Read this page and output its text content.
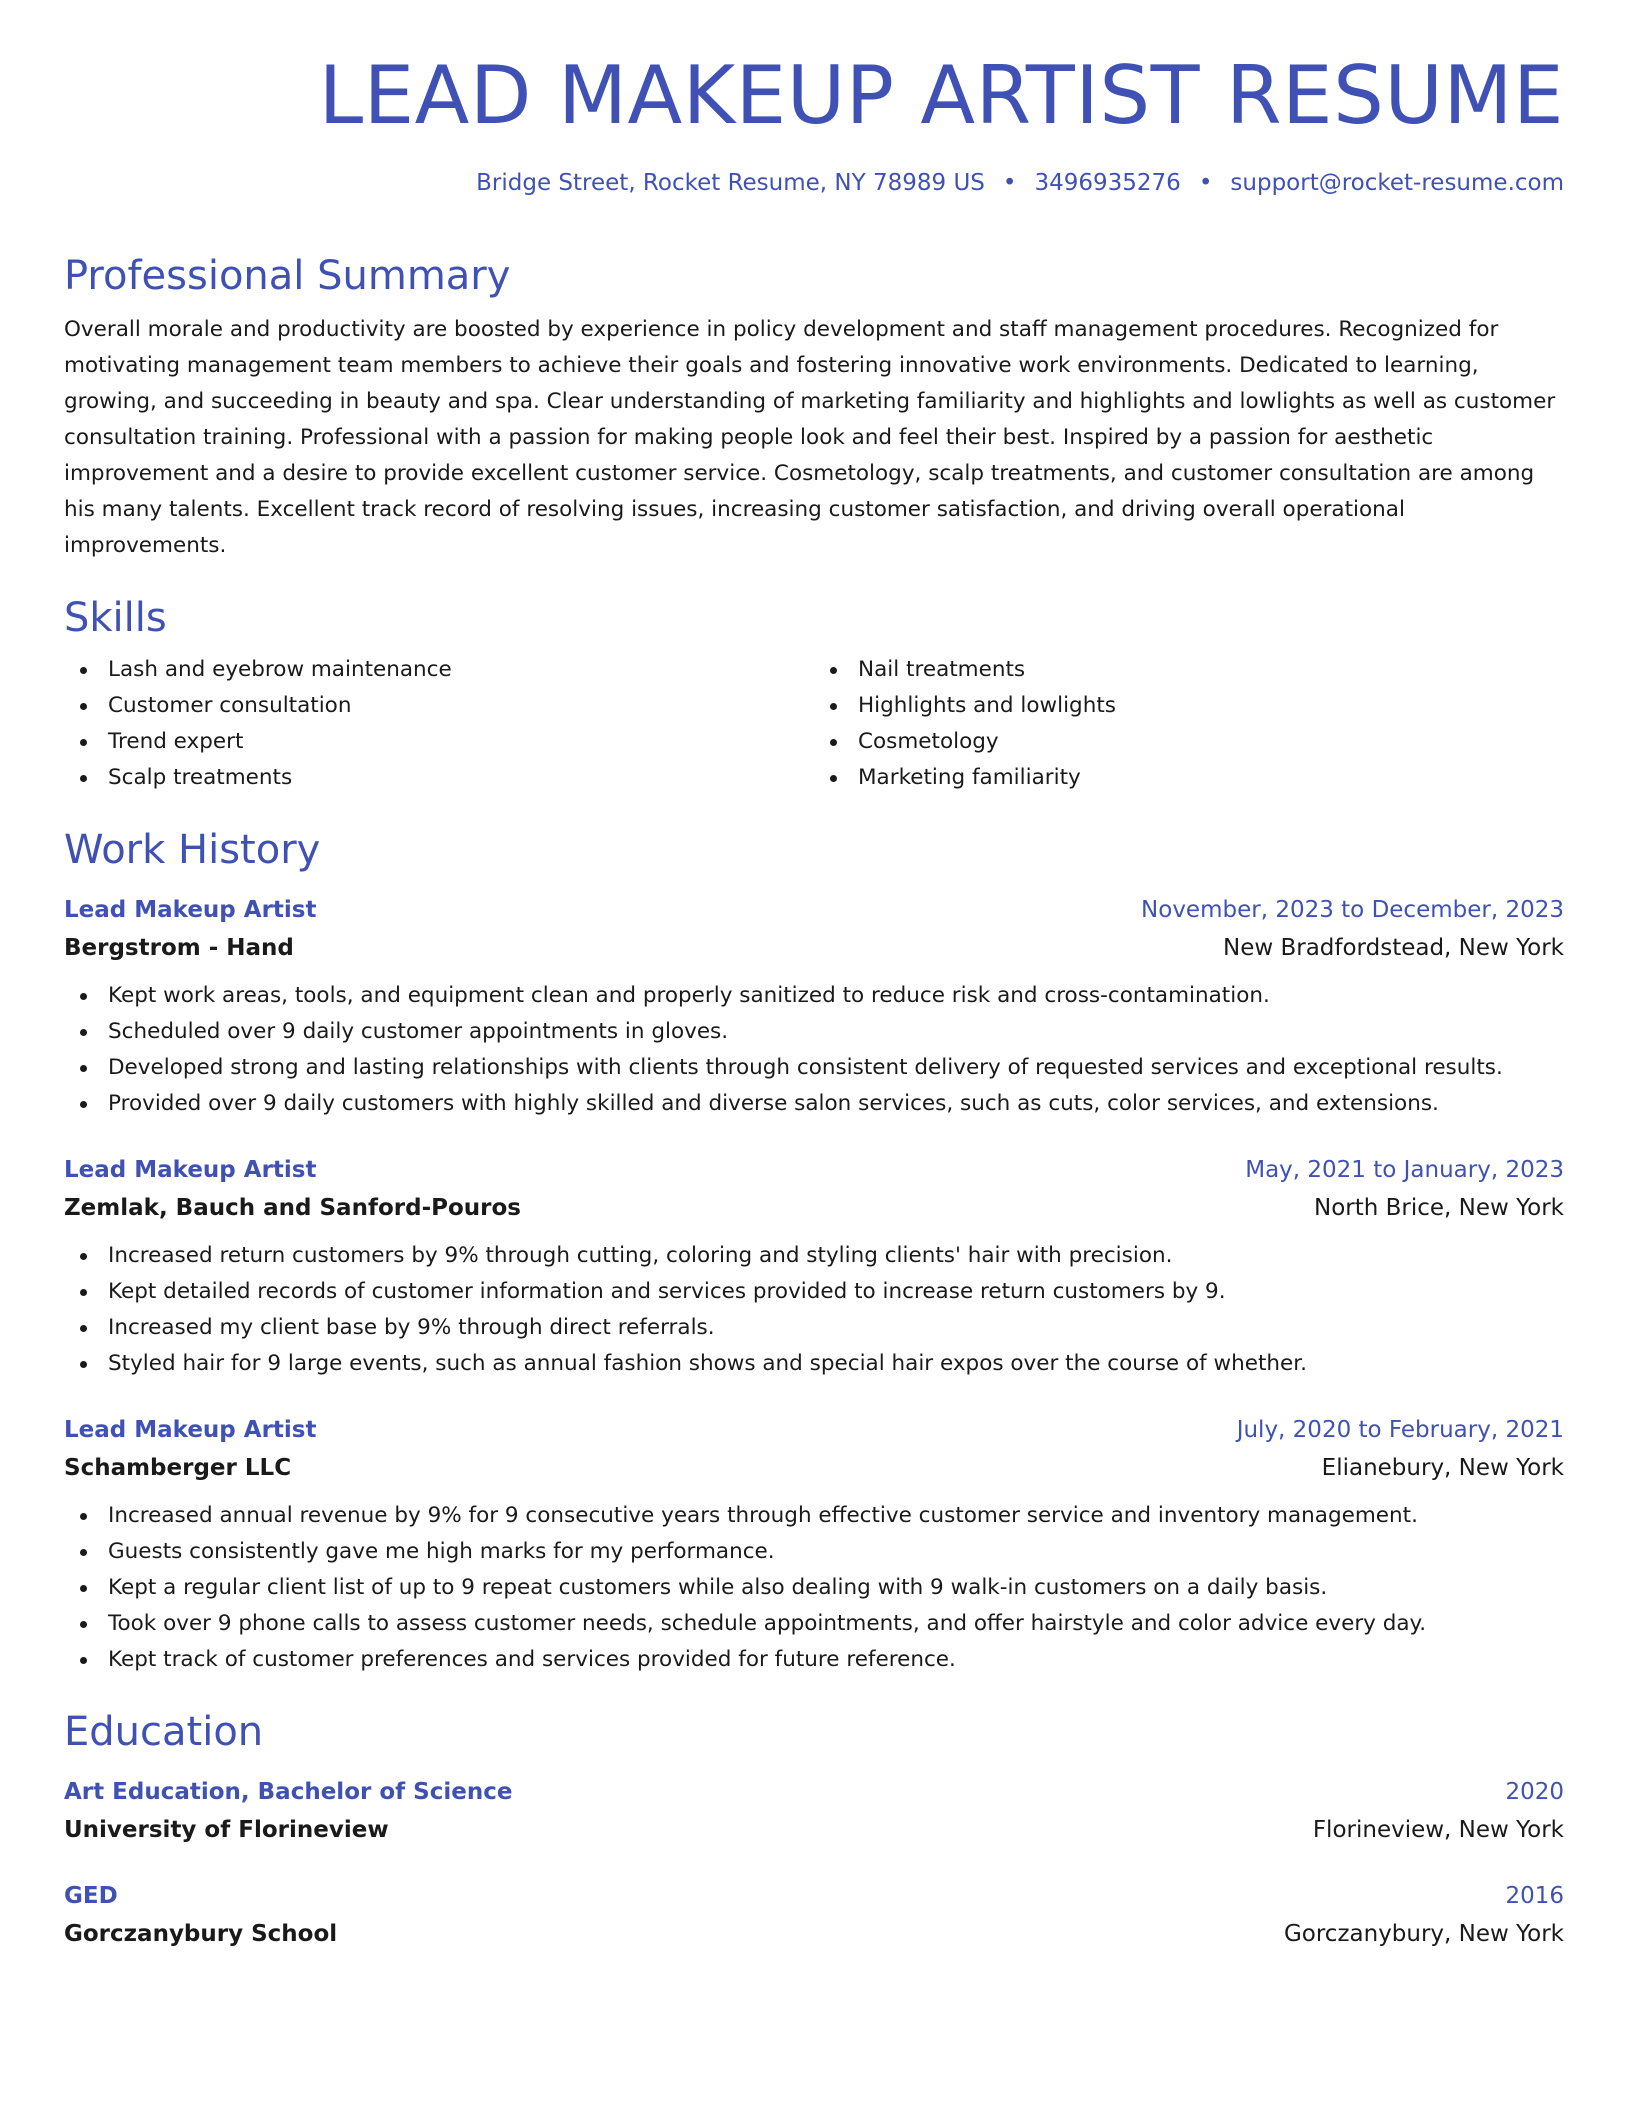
LEAD MAKEUP ARTIST RESUME
Bridge Street, Rocket Resume, NY 78989 US • 3496935276 • support@rocket-resume.com
Professional Summary

Overall morale and productivity are boosted by experience in policy development and staff management procedures. Recognized for motivating management team members to achieve their goals and fostering innovative work environments. Dedicated to learning, growing, and succeeding in beauty and spa. Clear understanding of marketing familiarity and highlights and lowlights as well as customer consultation training. Professional with a passion for making people look and feel their best. Inspired by a passion for aesthetic improvement and a desire to provide excellent customer service. Cosmetology, scalp treatments, and customer consultation are among his many talents. Excellent track record of resolving issues, increasing customer satisfaction, and driving overall operational improvements.

Skills
Lash and eyebrow maintenance
Customer consultation
Trend expert
Scalp treatments
Nail treatments
Highlights and lowlights
Cosmetology
Marketing familiarity
Work History
Lead Makeup Artist	November, 2023 to December, 2023
Bergstrom - Hand	New Bradfordstead, New York
Kept work areas, tools, and equipment clean and properly sanitized to reduce risk and cross-contamination.
Scheduled over 9 daily customer appointments in gloves.
Developed strong and lasting relationships with clients through consistent delivery of requested services and exceptional results.
Provided over 9 daily customers with highly skilled and diverse salon services, such as cuts, color services, and extensions.
Lead Makeup Artist	May, 2021 to January, 2023
Zemlak, Bauch and Sanford-Pouros	North Brice, New York
Increased return customers by 9% through cutting, coloring and styling clients' hair with precision.
Kept detailed records of customer information and services provided to increase return customers by 9.
Increased my client base by 9% through direct referrals.
Styled hair for 9 large events, such as annual fashion shows and special hair expos over the course of whether.
Lead Makeup Artist	July, 2020 to February, 2021
Schamberger LLC	Elianebury, New York
Increased annual revenue by 9% for 9 consecutive years through effective customer service and inventory management.
Guests consistently gave me high marks for my performance.
Kept a regular client list of up to 9 repeat customers while also dealing with 9 walk-in customers on a daily basis.
Took over 9 phone calls to assess customer needs, schedule appointments, and offer hairstyle and color advice every day.
Kept track of customer preferences and services provided for future reference.
Education
Art Education, Bachelor of Science	2020
University of Florineview	Florineview, New York
GED	2016
Gorczanybury School	Gorczanybury, New York
